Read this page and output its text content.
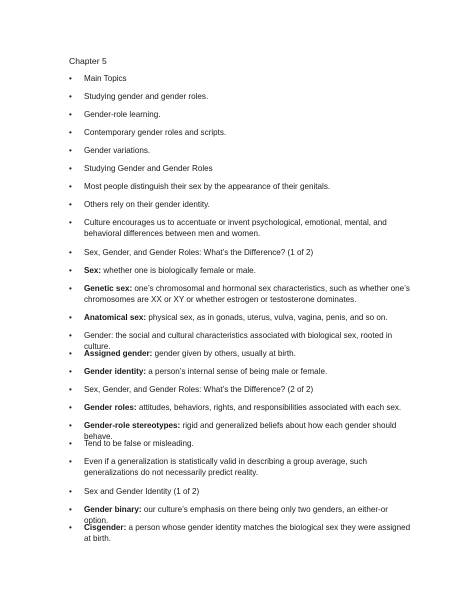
Chapter 5
• Main Topics
• Studying gender and gender roles.
• Gender-role learning.
• Contemporary gender roles and scripts.
• Gender variations.
• Studying Gender and Gender Roles
• Most people distinguish their sex by the appearance of their genitals.
• Others rely on their gender identity.
• Culture encourages us to accentuate or invent psychological, emotional, mental, and behavioral differences between men and women.
• Sex, Gender, and Gender Roles: What’s the Difference? (1 of 2)
• Sex: whether one is biologically female or male.
• Genetic sex: one’s chromosomal and hormonal sex characteristics, such as whether one’s chromosomes are XX or XY or whether estrogen or testosterone dominates.
• Anatomical sex: physical sex, as in gonads, uterus, vulva, vagina, penis, and so on.
• Gender: the social and cultural characteristics associated with biological sex, rooted in culture.
• Assigned gender: gender given by others, usually at birth.
• Gender identity: a person’s internal sense of being male or female.
• Sex, Gender, and Gender Roles: What’s the Difference? (2 of 2)
• Gender roles: attitudes, behaviors, rights, and responsibilities associated with each sex.
• Gender-role stereotypes: rigid and generalized beliefs about how each gender should behave.
• Tend to be false or misleading.
• Even if a generalization is statistically valid in describing a group average, such generalizations do not necessarily predict reality.
• Sex and Gender Identity (1 of 2)
• Gender binary: our culture’s emphasis on there being only two genders, an either-or option.
• Cisgender: a person whose gender identity matches the biological sex they were assigned at birth.
